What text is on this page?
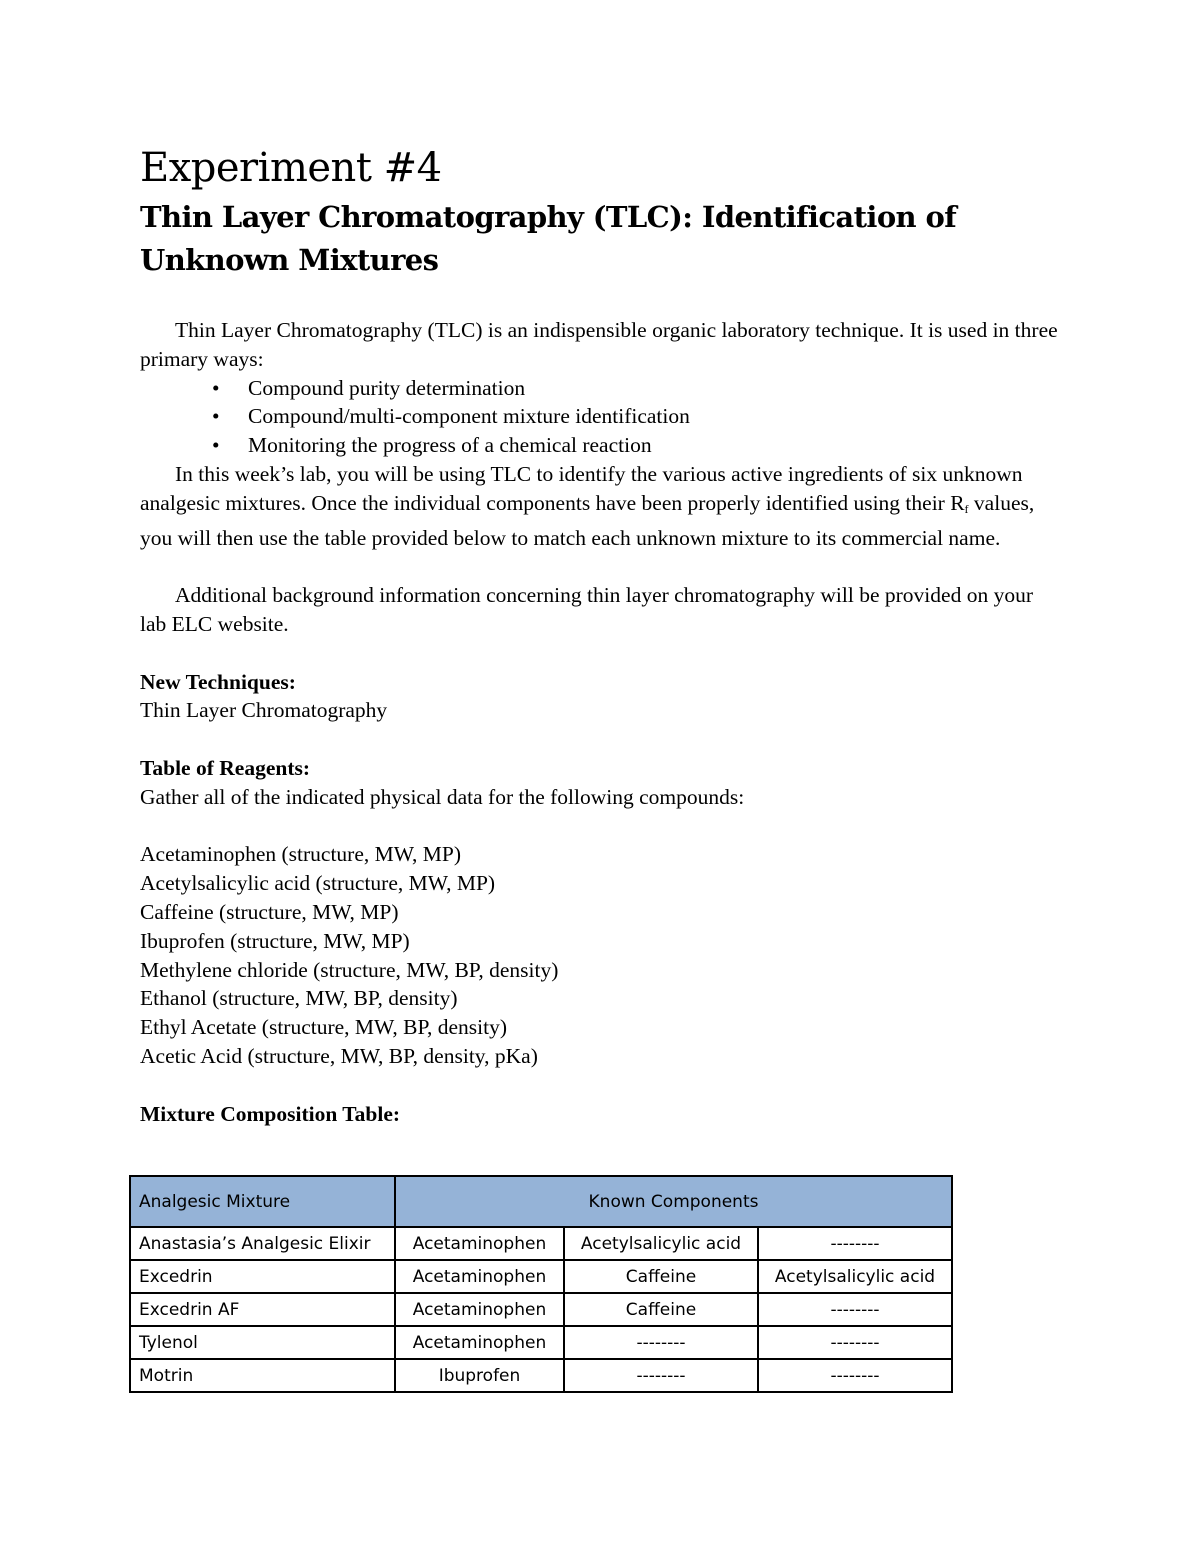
Experiment #4
Thin Layer Chromatography (TLC): Identification of Unknown Mixtures

Thin Layer Chromatography (TLC) is an indispensible organic laboratory technique. It is used in three primary ways:

• Compound purity determination
• Compound/multi-component mixture identification
• Monitoring the progress of a chemical reaction

In this week’s lab, you will be using TLC to identify the various active ingredients of six unknown analgesic mixtures. Once the individual components have been properly identified using their $R_f$ values, you will then use the table provided below to match each unknown mixture to its commercial name.

Additional background information concerning thin layer chromatography will be provided on your lab ELC website.

New Techniques:

Thin Layer Chromatography

Table of Reagents:

Gather all of the indicated physical data for the following compounds:

Acetaminophen (structure, MW, MP)

Acetylsalicylic acid (structure, MW, MP)

Caffeine (structure, MW, MP)

Ibuprofen (structure, MW, MP)

Methylene chloride (structure, MW, BP, density)

Ethanol (structure, MW, BP, density)

Ethyl Acetate (structure, MW, BP, density)

Acetic Acid (structure, MW, BP, density, pKa)

Mixture Composition Table:

Analgesic Mixture	Known Components		
Anastasia’s Analgesic Elixir	Acetaminophen	Acetylsalicylic acid	--------
Excedrin	Acetaminophen	Caffeine	Acetylsalicylic acid
Excedrin AF	Acetaminophen	Caffeine	--------
Tylenol	Acetaminophen	--------	--------
Motrin	Ibuprofen	--------	--------
